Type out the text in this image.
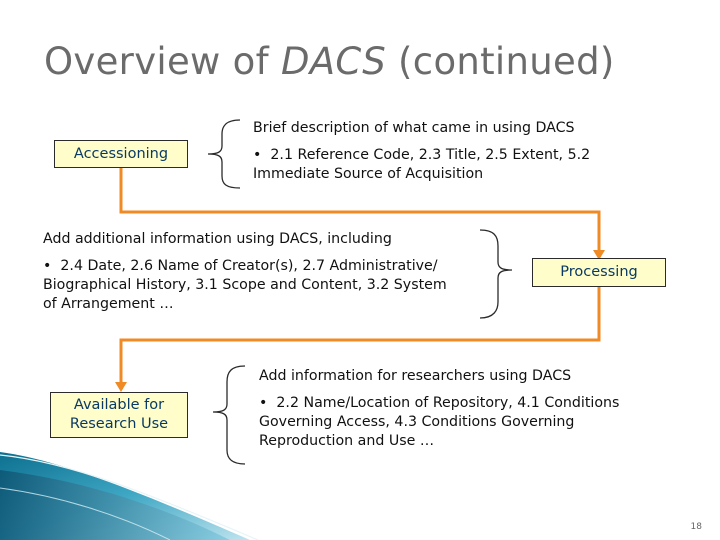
Overview of DACS (continued)
Accessioning
Processing
Available for Research Use
Brief description of what came in using DACS
• 2.1 Reference Code, 2.3 Title, 2.5 Extent, 5.2 Immediate Source of Acquisition
Add additional information using DACS, including
• 2.4 Date, 2.6 Name of Creator(s), 2.7 Administrative/ Biographical History, 3.1 Scope and Content, 3.2 System of Arrangement …
Add information for researchers using DACS
• 2.2 Name/Location of Repository, 4.1 Conditions Governing Access, 4.3 Conditions Governing Reproduction and Use …
18
